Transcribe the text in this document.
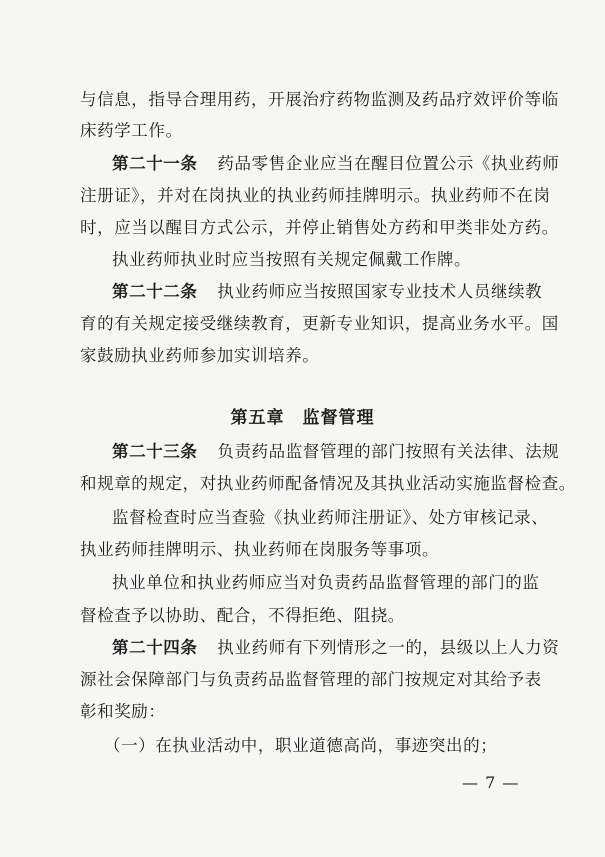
与信息，指导合理用药，开展治疗药物监测及药品疗效评价等临
床药学工作。
第二十一条 药品零售企业应当在醒目位置公示《执业药师
注册证》，并对在岗执业的执业药师挂牌明示。执业药师不在岗
时，应当以醒目方式公示，并停止销售处方药和甲类非处方药。
执业药师执业时应当按照有关规定佩戴工作牌。
第二十二条 执业药师应当按照国家专业技术人员继续教
育的有关规定接受继续教育，更新专业知识，提高业务水平。国
家鼓励执业药师参加实训培养。
第五章　监督管理
第二十三条 负责药品监督管理的部门按照有关法律、法规
和规章的规定，对执业药师配备情况及其执业活动实施监督检查。
监督检查时应当查验《执业药师注册证》、处方审核记录、
执业药师挂牌明示、执业药师在岗服务等事项。
执业单位和执业药师应当对负责药品监督管理的部门的监
督检查予以协助、配合，不得拒绝、阻挠。
第二十四条 执业药师有下列情形之一的，县级以上人力资
源社会保障部门与负责药品监督管理的部门按规定对其给予表
彰和奖励：
（一）在执业活动中，职业道德高尚，事迹突出的；
— 7 —
